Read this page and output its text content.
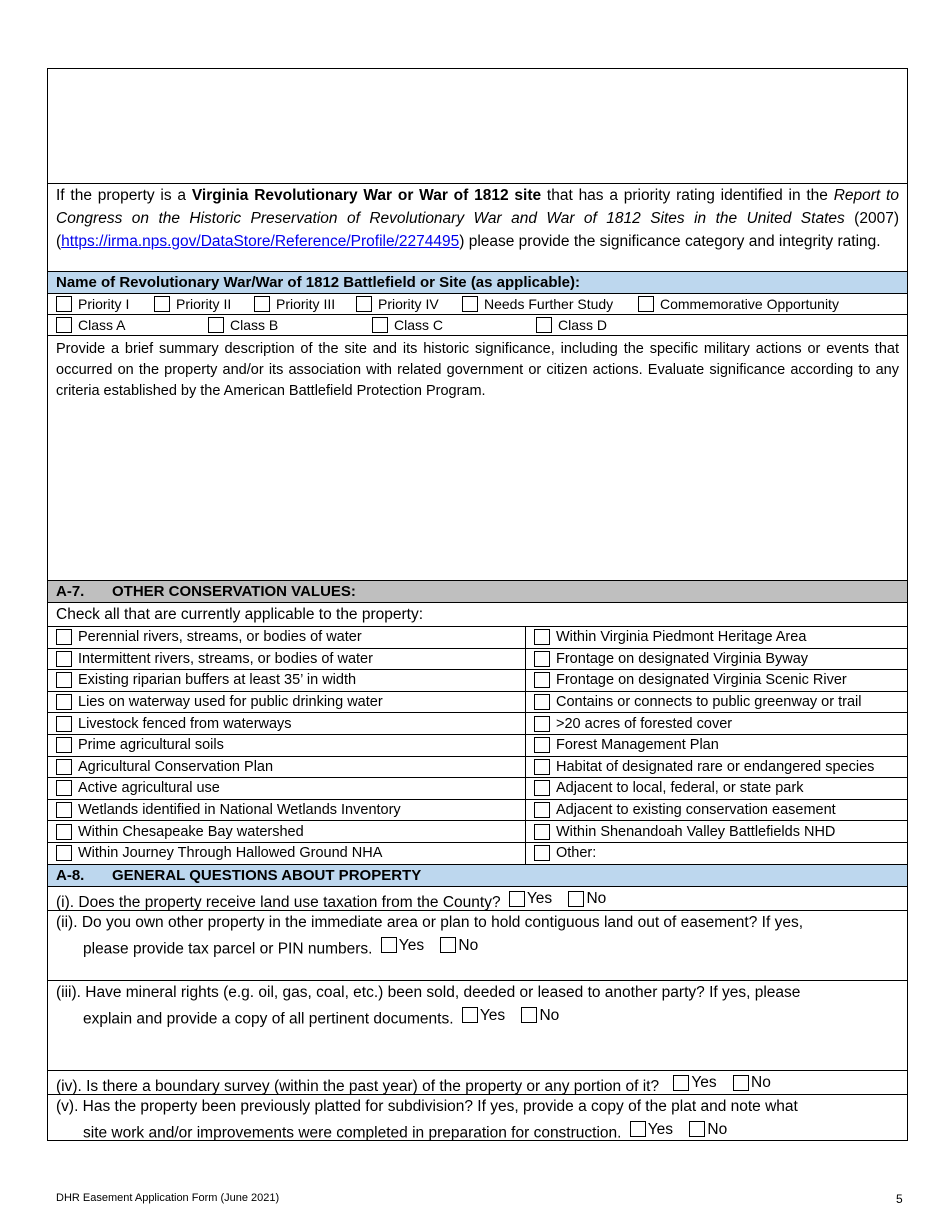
If the property is a Virginia Revolutionary War or War of 1812 site that has a priority rating identified in the Report to Congress on the Historic Preservation of Revolutionary War and War of 1812 Sites in the United States (2007) (https://irma.nps.gov/DataStore/Reference/Profile/2274495) please provide the significance category and integrity rating.
Name of Revolutionary War/War of 1812 Battlefield or Site (as applicable):
Priority I	Priority II	Priority III	Priority IV	Needs Further Study	Commemorative Opportunity
Class A	Class B	Class C	Class D
Provide a brief summary description of the site and its historic significance, including the specific military actions or events that occurred on the property and/or its association with related government or citizen actions. Evaluate significance according to any criteria established by the American Battlefield Protection Program.
A-7. OTHER CONSERVATION VALUES:
Check all that are currently applicable to the property:
Perennial rivers, streams, or bodies of water	Within Virginia Piedmont Heritage Area
Intermittent rivers, streams, or bodies of water	Frontage on designated Virginia Byway
Existing riparian buffers at least 35’ in width	Frontage on designated Virginia Scenic River
Lies on waterway used for public drinking water	Contains or connects to public greenway or trail
Livestock fenced from waterways	>20 acres of forested cover
Prime agricultural soils	Forest Management Plan
Agricultural Conservation Plan	Habitat of designated rare or endangered species
Active agricultural use	Adjacent to local, federal, or state park
Wetlands identified in National Wetlands Inventory	Adjacent to existing conservation easement
Within Chesapeake Bay watershed	Within Shenandoah Valley Battlefields NHD
Within Journey Through Hallowed Ground NHA	Other:
A-8. GENERAL QUESTIONS ABOUT PROPERTY
(i). Does the property receive land use taxation from the County? Yes
No
(ii). Do you own other property in the immediate area or plan to hold contiguous land out of easement? If yes,
please provide tax parcel or PIN numbers. Yes
No
(iii). Have mineral rights (e.g. oil, gas, coal, etc.) been sold, deeded or leased to another party? If yes, please
explain and provide a copy of all pertinent documents. Yes
No
(iv). Is there a boundary survey (within the past year) of the property or any portion of it? Yes
No
(v). Has the property been previously platted for subdivision? If yes, provide a copy of the plat and note what
site work and/or improvements were completed in preparation for construction. Yes
No
DHR Easement Application Form (June 2021)	5
